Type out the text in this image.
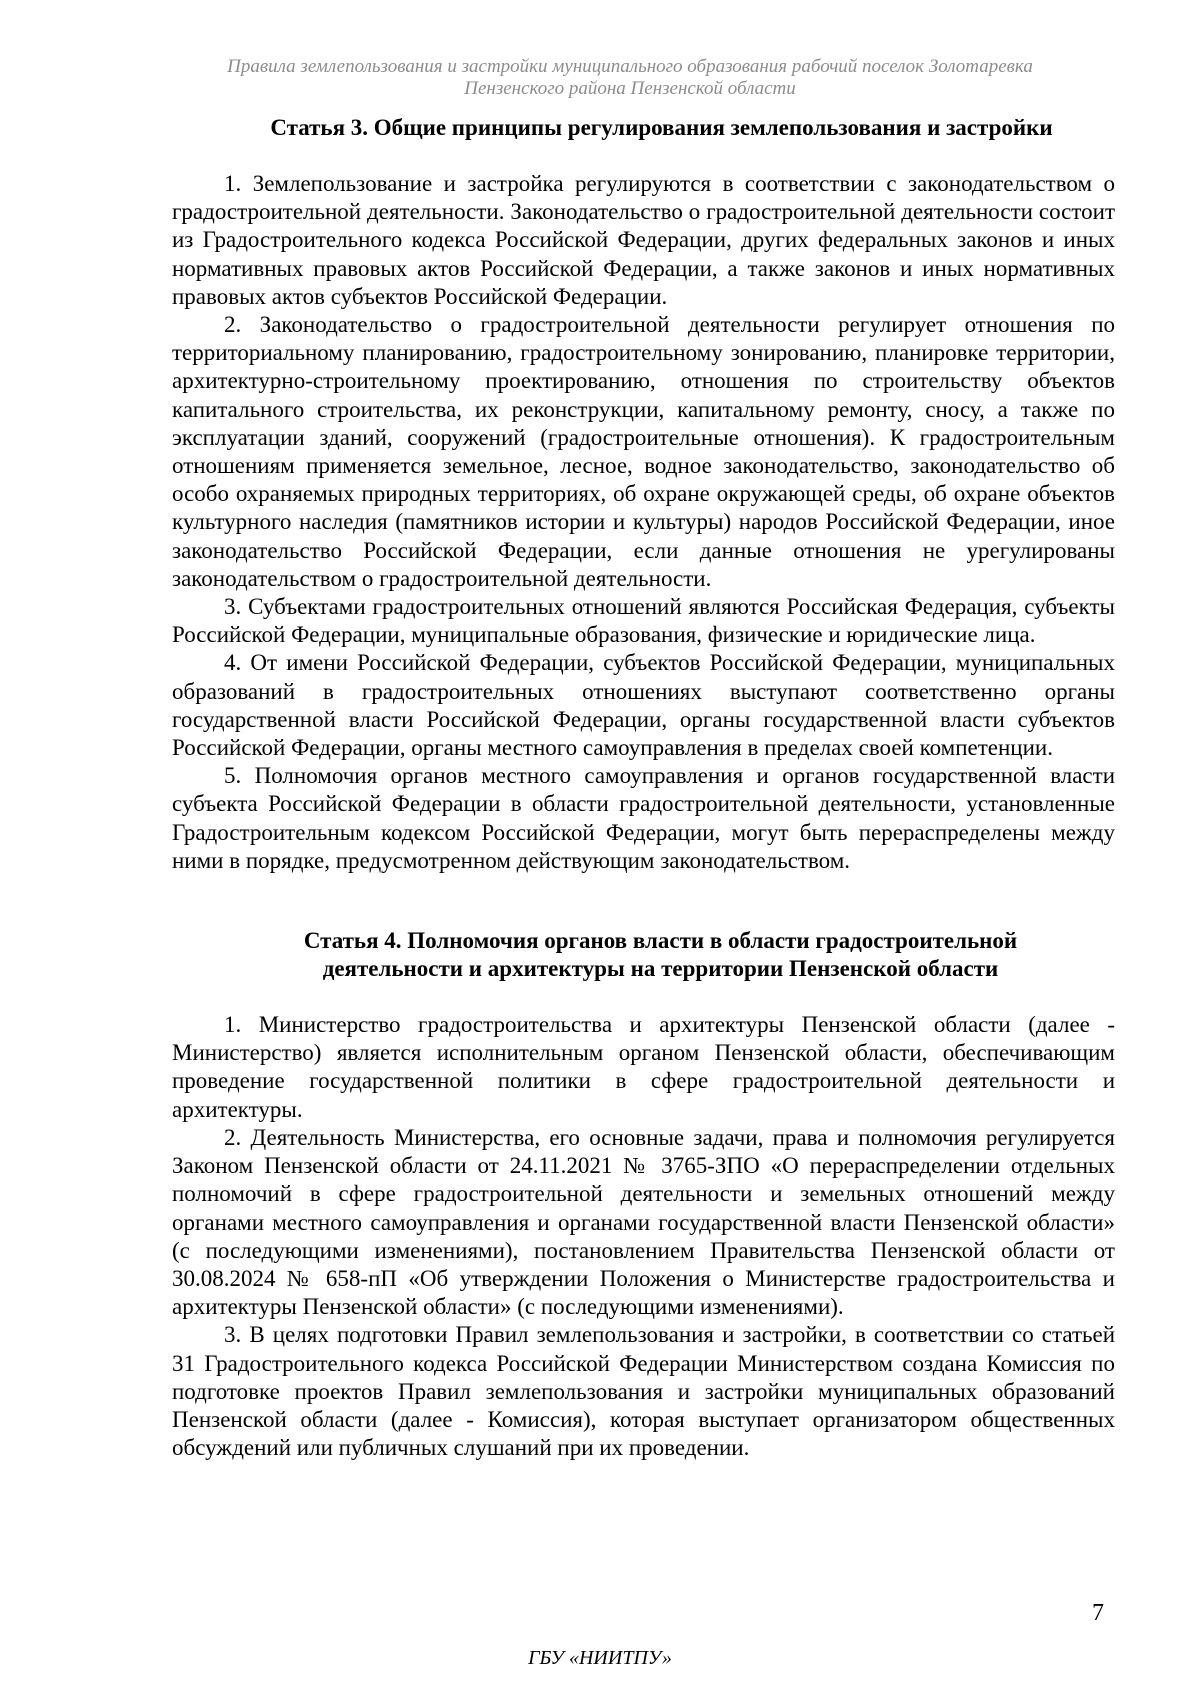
Правила землепользования и застройки муниципального образования рабочий поселок Золотаревка
Пензенского района Пензенской области
Статья 3. Общие принципы регулирования землепользования и застройки

1. Землепользование и застройка регулируются в соответствии с законодательством о градостроительной деятельности. Законодательство о градостроительной деятельности состоит из Градостроительного кодекса Российской Федерации, других федеральных законов и иных нормативных правовых актов Российской Федерации, а также законов и иных нормативных правовых актов субъектов Российской Федерации.

2. Законодательство о градостроительной деятельности регулирует отношения по территориальному планированию, градостроительному зонированию, планировке территории, архитектурно-строительному проектированию, отношения по строительству объектов капитального строительства, их реконструкции, капитальному ремонту, сносу, а также по эксплуатации зданий, сооружений (градостроительные отношения). К градостроительным отношениям применяется земельное, лесное, водное законодательство, законодательство об особо охраняемых природных территориях, об охране окружающей среды, об охране объектов культурного наследия (памятников истории и культуры) народов Российской Федерации, иное законодательство Российской Федерации, если данные отношения не урегулированы законодательством о градостроительной деятельности.

3. Субъектами градостроительных отношений являются Российская Федерация, субъекты Российской Федерации, муниципальные образования, физические и юридические лица.

4. От имени Российской Федерации, субъектов Российской Федерации, муниципальных образований в градостроительных отношениях выступают соответственно органы государственной власти Российской Федерации, органы государственной власти субъектов Российской Федерации, органы местного самоуправления в пределах своей компетенции.

5. Полномочия органов местного самоуправления и органов государственной власти субъекта Российской Федерации в области градостроительной деятельности, установленные Градостроительным кодексом Российской Федерации, могут быть перераспределены между ними в порядке, предусмотренном действующим законодательством.

Статья 4. Полномочия органов власти в области градостроительной
деятельности и архитектуры на территории Пензенской области

1. Министерство градостроительства и архитектуры Пензенской области (далее - Министерство) является исполнительным органом Пензенской области, обеспечивающим проведение государственной политики в сфере градостроительной деятельности и архитектуры.

2. Деятельность Министерства, его основные задачи, права и полномочия регулируется Законом Пензенской области от 24.11.2021 № 3765-ЗПО «О перераспределении отдельных полномочий в сфере градостроительной деятельности и земельных отношений между органами местного самоуправления и органами государственной власти Пензенской области» (с последующими изменениями), постановлением Правительства Пензенской области от 30.08.2024 № 658-пП «Об утверждении Положения о Министерстве градостроительства и архитектуры Пензенской области» (с последующими изменениями).

3. В целях подготовки Правил землепользования и застройки, в соответствии со статьей 31 Градостроительного кодекса Российской Федерации Министерством создана Комиссия по подготовке проектов Правил землепользования и застройки муниципальных образований Пензенской области (далее - Комиссия), которая выступает организатором общественных обсуждений или публичных слушаний при их проведении.

7
ГБУ «НИИТПУ»
